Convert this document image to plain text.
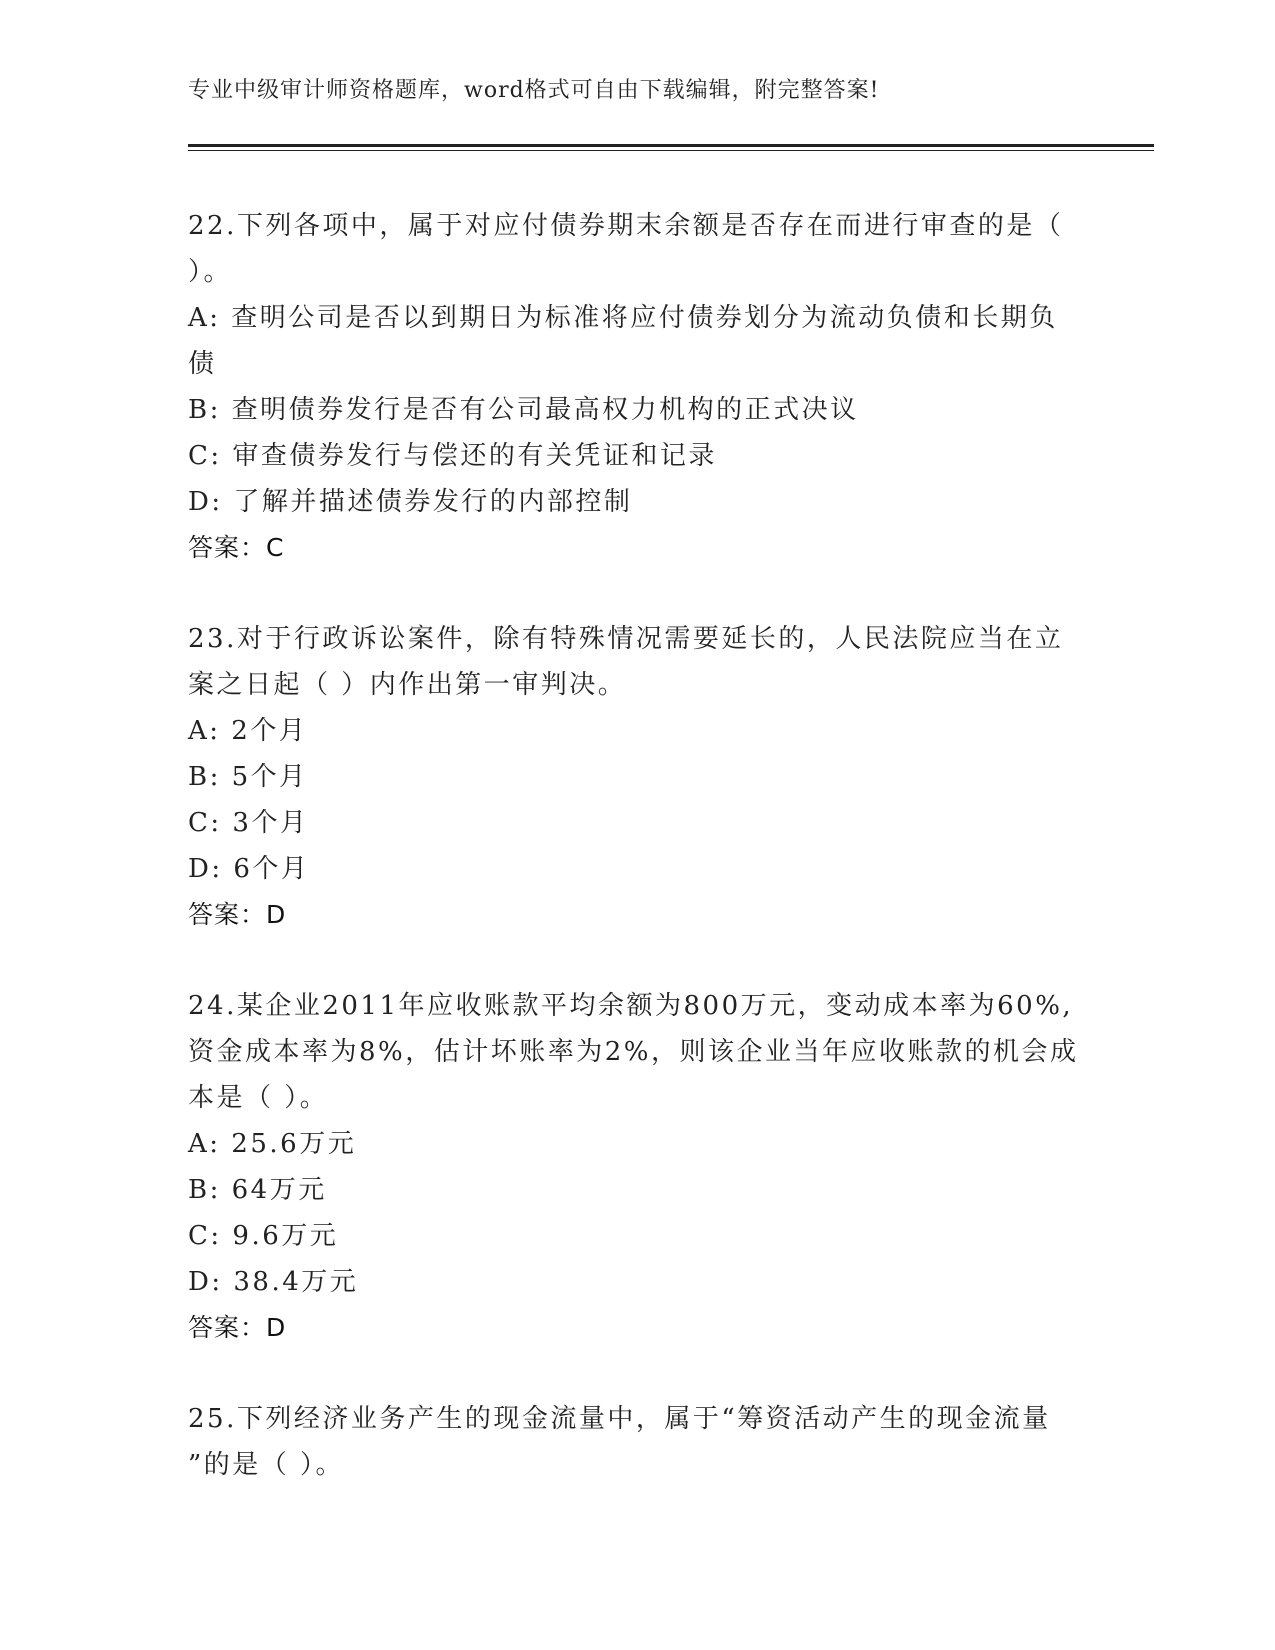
专业中级审计师资格题库，word格式可自由下载编辑，附完整答案!
22.下列各项中，属于对应付债券期末余额是否存在而进行审查的是（
）。
A: 查明公司是否以到期日为标准将应付债券划分为流动负债和长期负
债
B: 查明债券发行是否有公司最高权力机构的正式决议
C: 审查债券发行与偿还的有关凭证和记录
D: 了解并描述债券发行的内部控制
答案：C
23.对于行政诉讼案件，除有特殊情况需要延长的，人民法院应当在立
案之日起（ ）内作出第一审判决。
A: 2个月
B: 5个月
C: 3个月
D: 6个月
答案：D
24.某企业2011年应收账款平均余额为800万元，变动成本率为60%,
资金成本率为8%，估计坏账率为2%，则该企业当年应收账款的机会成
本是（ ）。
A: 25.6万元
B: 64万元
C: 9.6万元
D: 38.4万元
答案：D
25.下列经济业务产生的现金流量中，属于“筹资活动产生的现金流量
”的是（ ）。
